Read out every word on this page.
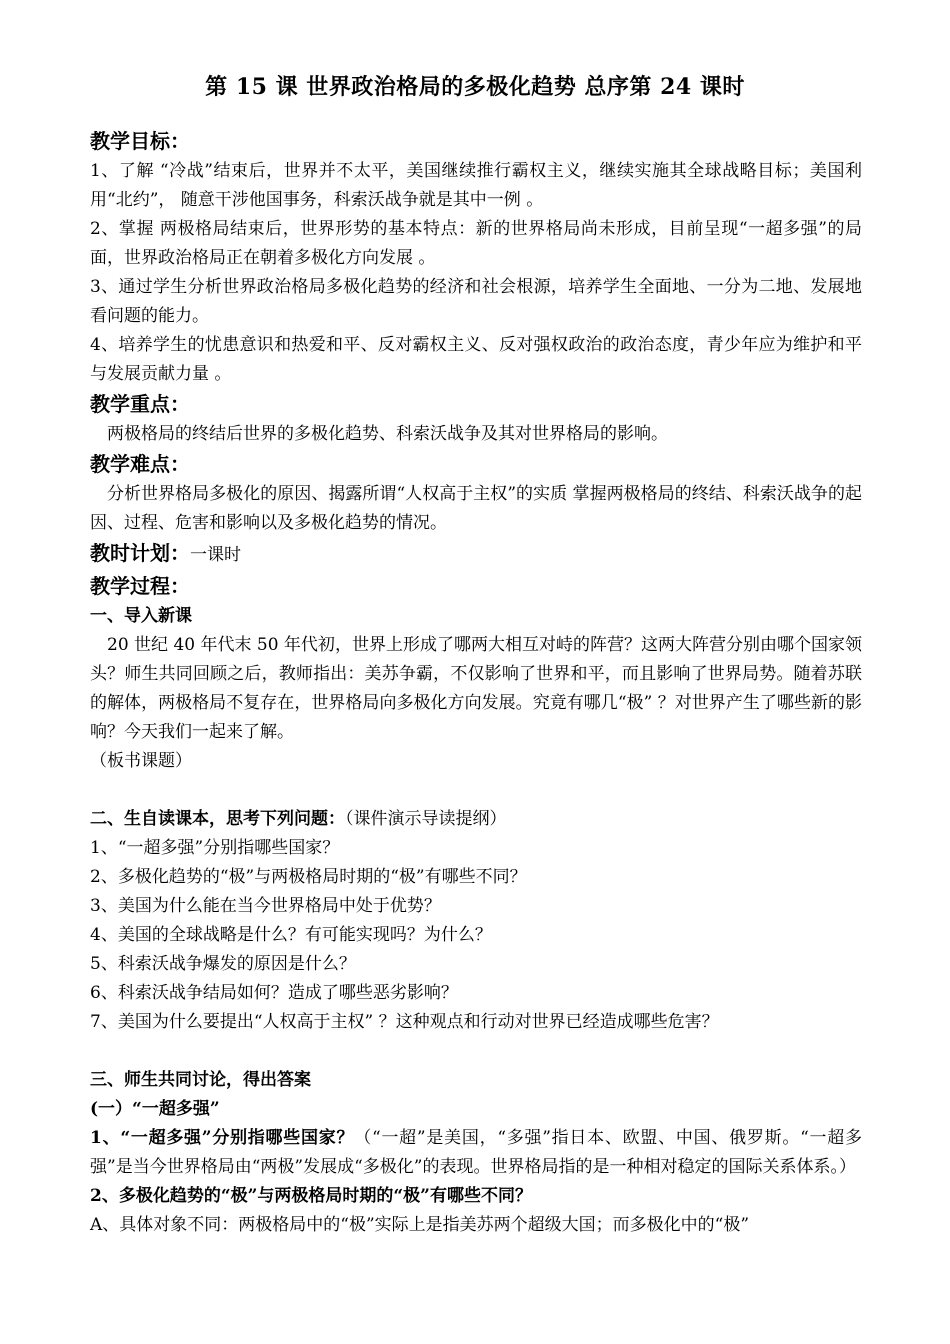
第 15 课 世界政治格局的多极化趋势 总序第 24 课时
教学目标：

1、了解 “冷战”结束后，世界并不太平，美国继续推行霸权主义，继续实施其全球战略目标；美国利用“北约”， 随意干涉他国事务，科索沃战争就是其中一例 。

2、掌握 两极格局结束后，世界形势的基本特点：新的世界格局尚未形成，目前呈现“一超多强”的局面，世界政治格局正在朝着多极化方向发展 。

3、通过学生分析世界政治格局多极化趋势的经济和社会根源，培养学生全面地、一分为二地、发展地看问题的能力。

4、培养学生的忧患意识和热爱和平、反对霸权主义、反对强权政治的政治态度，青少年应为维护和平与发展贡献力量 。

教学重点：

两极格局的终结后世界的多极化趋势、科索沃战争及其对世界格局的影响。

教学难点：

分析世界格局多极化的原因、揭露所谓“人权高于主权”的实质 掌握两极格局的终结、科索沃战争的起因、过程、危害和影响以及多极化趋势的情况。

教时计划：一课时
教学过程：
一、导入新课

20 世纪 40 年代末 50 年代初，世界上形成了哪两大相互对峙的阵营？这两大阵营分别由哪个国家领头？师生共同回顾之后，教师指出：美苏争霸，不仅影响了世界和平，而且影响了世界局势。随着苏联的解体，两极格局不复存在，世界格局向多极化方向发展。究竟有哪几“极” ？对世界产生了哪些新的影响？今天我们一起来了解。

（板书课题）

二、生自读课本，思考下列问题：（课件演示导读提纲）

1、“一超多强”分别指哪些国家？

2、多极化趋势的“极”与两极格局时期的“极”有哪些不同？

3、美国为什么能在当今世界格局中处于优势？

4、美国的全球战略是什么？有可能实现吗？为什么？

5、科索沃战争爆发的原因是什么？

6、科索沃战争结局如何？造成了哪些恶劣影响？

7、美国为什么要提出“人权高于主权” ？这种观点和行动对世界已经造成哪些危害？

三、师生共同讨论，得出答案
(一）“一超多强”

1、“一超多强”分别指哪些国家？（“一超”是美国，“多强”指日本、欧盟、中国、俄罗斯。“一超多强”是当今世界格局由“两极”发展成“多极化”的表现。世界格局指的是一种相对稳定的国际关系体系。）

2、多极化趋势的“极”与两极格局时期的“极”有哪些不同？

A、具体对象不同：两极格局中的“极”实际上是指美苏两个超级大国；而多极化中的“极”
